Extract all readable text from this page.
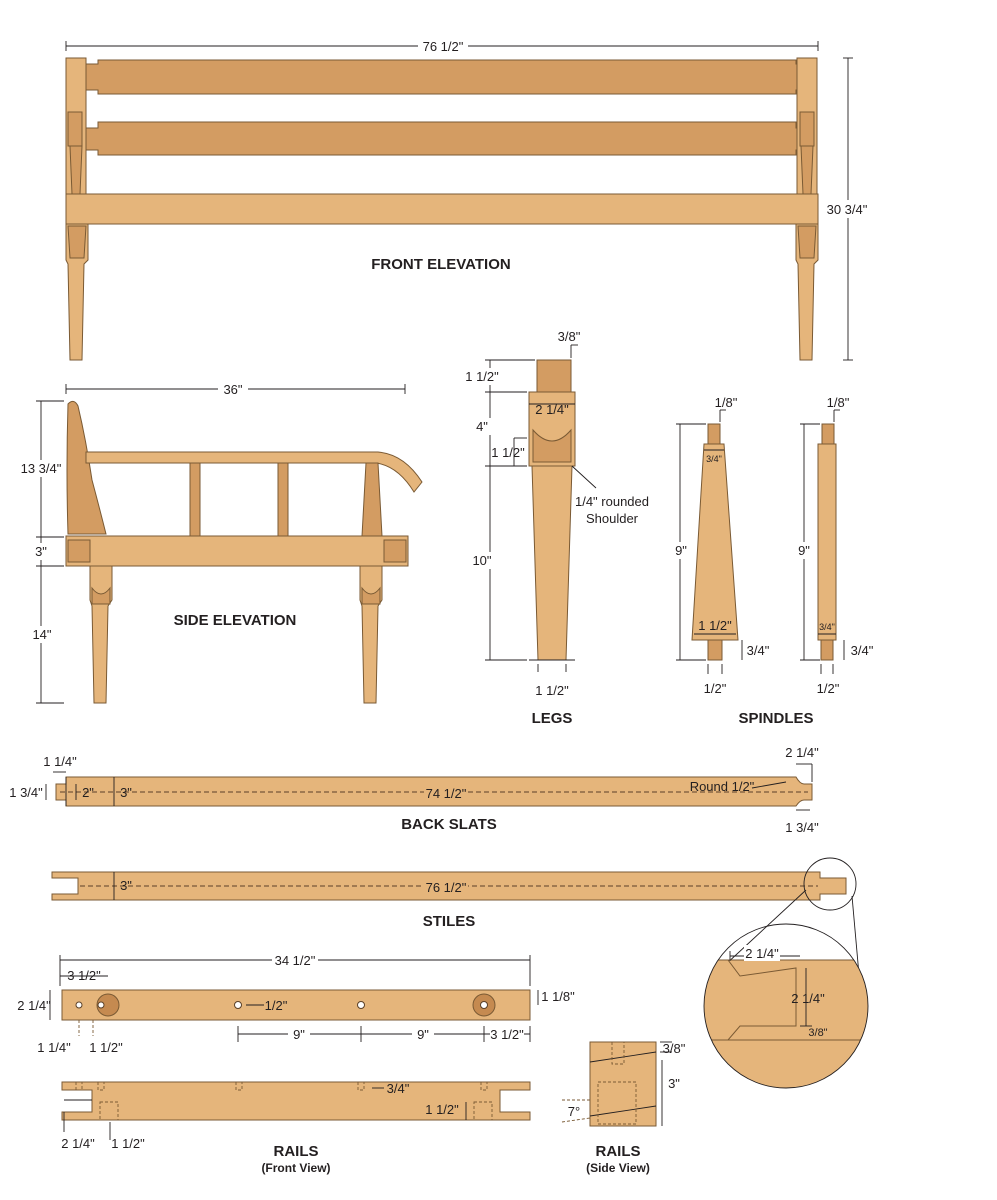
76 1/2"
30 3/4"
FRONT ELEVATION
36"
13 3/4"
3"
14"
SIDE ELEVATION
3/8"
2 1/4"
1 1/2"
1 1/2"
4"
10"
1 1/2"
1/4" rounded
Shoulder
LEGS
1/8"
3/4"
1 1/2"
9"
3/4"
1/2"
1/8"
3/4"
9"
3/4"
1/2"
SPINDLES
1 1/4"
1 3/4"	2" 3"	74 1/2"	Round 1/2"
2 1/4"
1 3/4"
BACK SLATS
3"	76 1/2"
STILES
2 1/4"
2 1/4"
3/8"
34 1/2"
3 1/2"
1/2"
2 1/4"
1 1/8"
1 1/4" 1 1/2"
9"	9"	3 1/2"
3/4"
1 1/2"
2 1/4" 1 1/2"	RAILS
(Front View)
3/8"
3"
7°
RAILS
(Side View)
